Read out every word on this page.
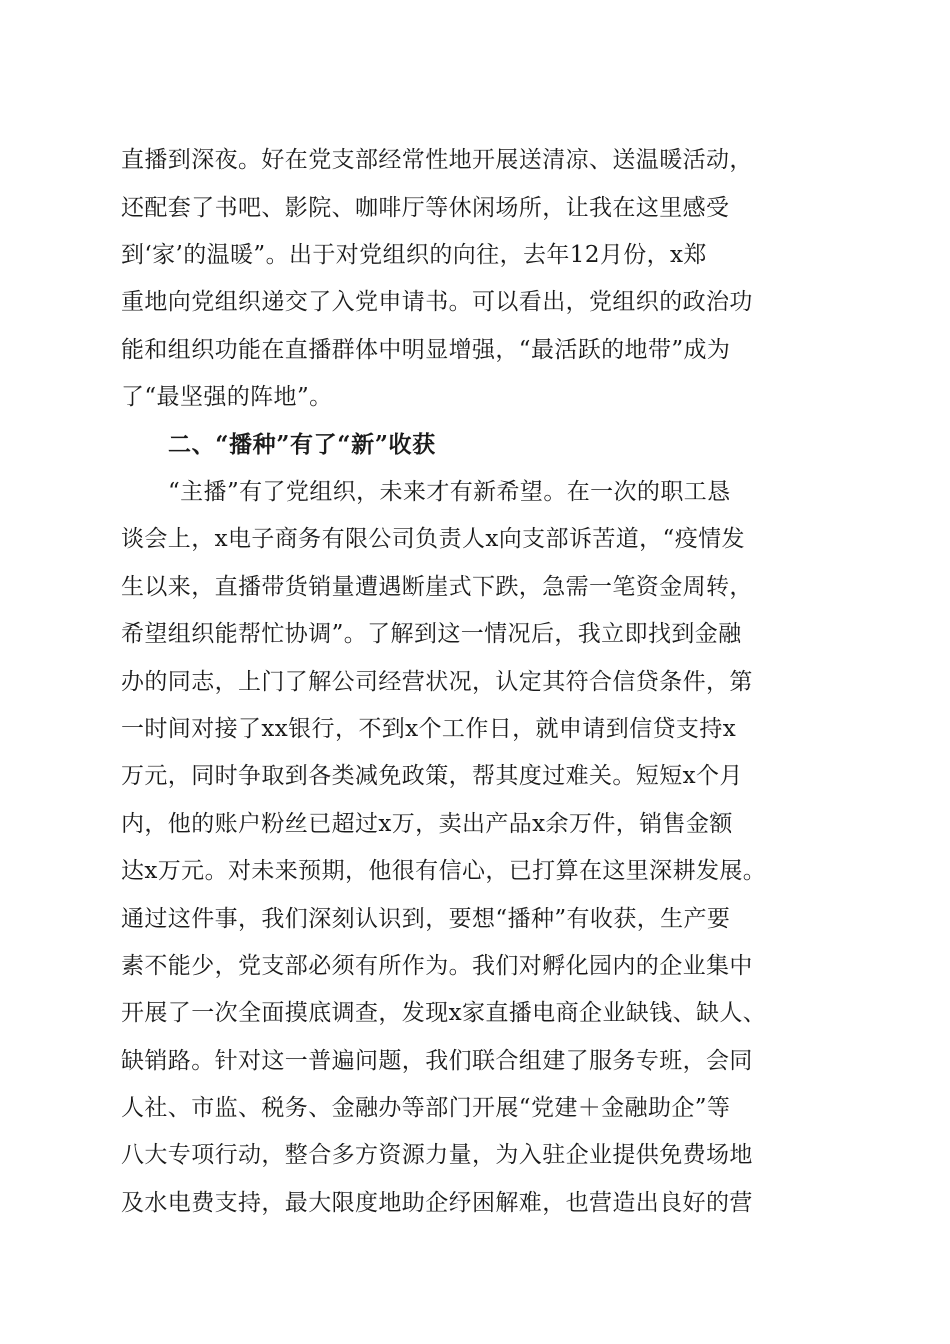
直播到深夜。好在党支部经常性地开展送清凉、送温暖活动，
还配套了书吧、影院、咖啡厅等休闲场所，让我在这里感受
到‘家’的温暖”。出于对党组织的向往，去年12月份，x郑
重地向党组织递交了入党申请书。可以看出，党组织的政治功
能和组织功能在直播群体中明显增强，“最活跃的地带”成为
了“最坚强的阵地”。
二、“播种”有了“新”收获
“主播”有了党组织，未来才有新希望。在一次的职工恳
谈会上，x电子商务有限公司负责人x向支部诉苦道，“疫情发
生以来，直播带货销量遭遇断崖式下跌，急需一笔资金周转，
希望组织能帮忙协调”。了解到这一情况后，我立即找到金融
办的同志，上门了解公司经营状况，认定其符合信贷条件，第
一时间对接了xx银行，不到x个工作日，就申请到信贷支持x
万元，同时争取到各类减免政策，帮其度过难关。短短x个月
内，他的账户粉丝已超过x万，卖出产品x余万件，销售金额
达x万元。对未来预期，他很有信心，已打算在这里深耕发展。
通过这件事，我们深刻认识到，要想“播种”有收获，生产要
素不能少，党支部必须有所作为。我们对孵化园内的企业集中
开展了一次全面摸底调查，发现x家直播电商企业缺钱、缺人、
缺销路。针对这一普遍问题，我们联合组建了服务专班，会同
人社、市监、税务、金融办等部门开展“党建＋金融助企”等
八大专项行动，整合多方资源力量，为入驻企业提供免费场地
及水电费支持，最大限度地助企纾困解难，也营造出良好的营
